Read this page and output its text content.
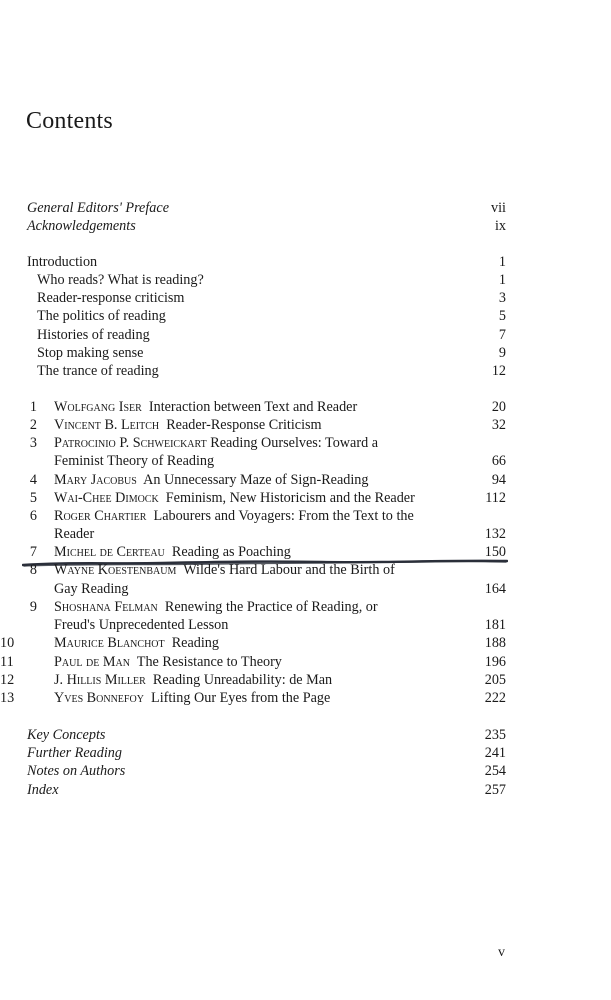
Contents
General Editors' Preface	vii
Acknowledgements	ix
Introduction	1
Who reads? What is reading?	1
Reader-response criticism	3
The politics of reading	5
Histories of reading	7
Stop making sense	9
The trance of reading	12
1 Wolfgang Iser Interaction between Text and Reader	20
2 Vincent B. Leitch Reader-Response Criticism	32
3 Patrocinio P. Schweickart Reading Ourselves: Toward a
Feminist Theory of Reading	66
4 Mary Jacobus An Unnecessary Maze of Sign-Reading	94
5 Wai-Chee Dimock Feminism, New Historicism and the Reader	112
6 Roger Chartier Labourers and Voyagers: From the Text to the
Reader	132
7 Michel de Certeau Reading as Poaching	150
8 Wayne Koestenbaum Wilde's Hard Labour and the Birth of
Gay Reading	164
9 Shoshana Felman Renewing the Practice of Reading, or
Freud's Unprecedented Lesson	181
10	Maurice Blanchot Reading	188
11	Paul de Man The Resistance to Theory	196
12	J. Hillis Miller Reading Unreadability: de Man	205
13	Yves Bonnefoy Lifting Our Eyes from the Page	222
Key Concepts	235
Further Reading	241
Notes on Authors	254
Index	257
v
